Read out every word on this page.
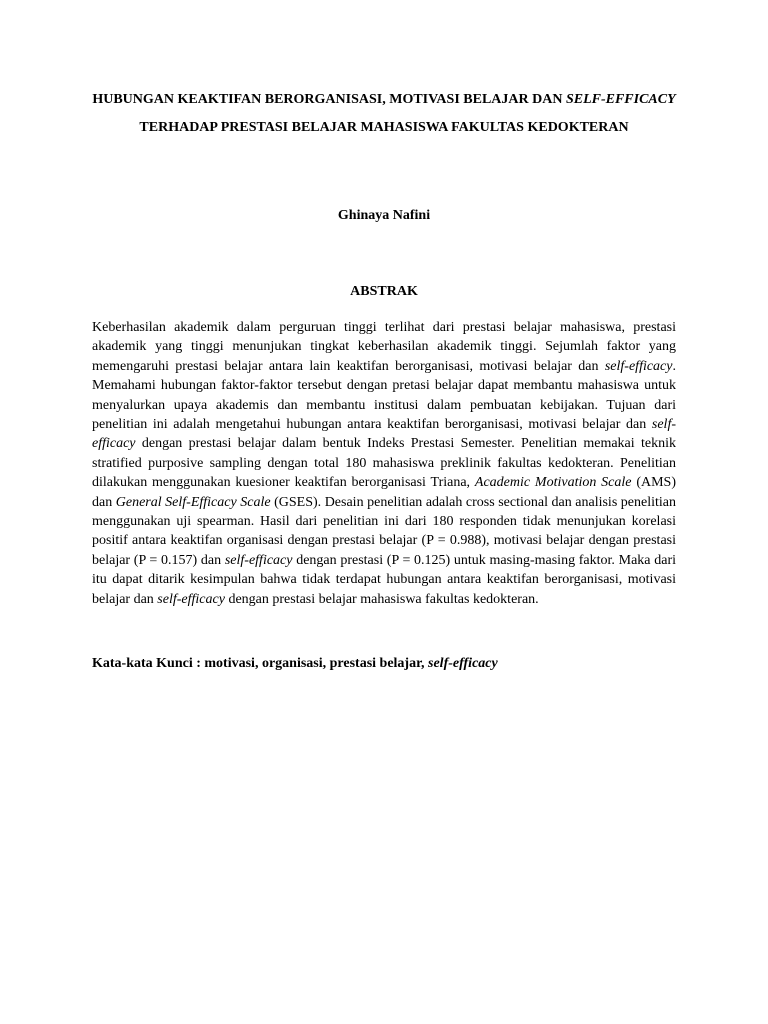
HUBUNGAN KEAKTIFAN BERORGANISASI, MOTIVASI BELAJAR DAN SELF-EFFICACY TERHADAP PRESTASI BELAJAR MAHASISWA FAKULTAS KEDOKTERAN
Ghinaya Nafini
ABSTRAK

Keberhasilan akademik dalam perguruan tinggi terlihat dari prestasi belajar mahasiswa, prestasi akademik yang tinggi menunjukan tingkat keberhasilan akademik tinggi. Sejumlah faktor yang memengaruhi prestasi belajar antara lain keaktifan berorganisasi, motivasi belajar dan self-efficacy. Memahami hubungan faktor-faktor tersebut dengan pretasi belajar dapat membantu mahasiswa untuk menyalurkan upaya akademis dan membantu institusi dalam pembuatan kebijakan. Tujuan dari penelitian ini adalah mengetahui hubungan antara keaktifan berorganisasi, motivasi belajar dan self-efficacy dengan prestasi belajar dalam bentuk Indeks Prestasi Semester. Penelitian memakai teknik stratified purposive sampling dengan total 180 mahasiswa preklinik fakultas kedokteran. Penelitian dilakukan menggunakan kuesioner keaktifan berorganisasi Triana, Academic Motivation Scale (AMS) dan General Self-Efficacy Scale (GSES). Desain penelitian adalah cross sectional dan analisis penelitian menggunakan uji spearman. Hasil dari penelitian ini dari 180 responden tidak menunjukan korelasi positif antara keaktifan organisasi dengan prestasi belajar (P = 0.988), motivasi belajar dengan prestasi belajar (P = 0.157) dan self-efficacy dengan prestasi (P = 0.125) untuk masing-masing faktor. Maka dari itu dapat ditarik kesimpulan bahwa tidak terdapat hubungan antara keaktifan berorganisasi, motivasi belajar dan self-efficacy dengan prestasi belajar mahasiswa fakultas kedokteran.

Kata-kata Kunci : motivasi, organisasi, prestasi belajar, self-efficacy
